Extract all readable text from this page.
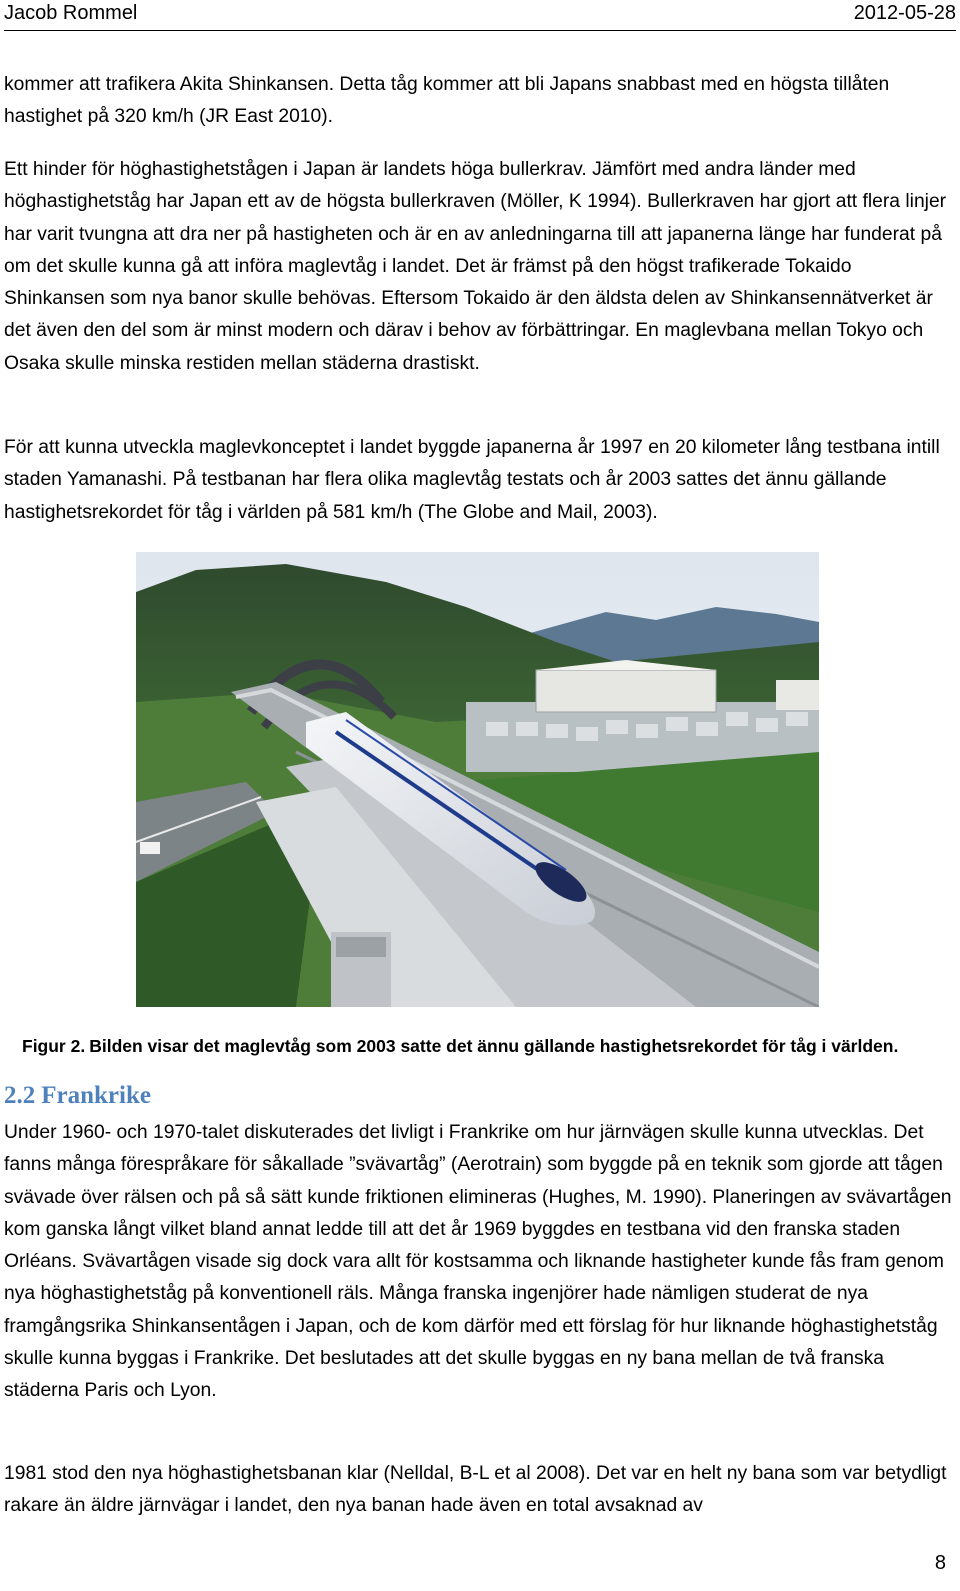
Jacob Rommel	2012-05-28

kommer att trafikera Akita Shinkansen. Detta tåg kommer att bli Japans snabbast med en högsta tillåten hastighet på 320 km/h (JR East 2010).

Ett hinder för höghastighetstågen i Japan är landets höga bullerkrav. Jämfört med andra länder med höghastighetståg har Japan ett av de högsta bullerkraven (Möller, K 1994). Bullerkraven har gjort att flera linjer har varit tvungna att dra ner på hastigheten och är en av anledningarna till att japanerna länge har funderat på om det skulle kunna gå att införa maglevtåg i landet. Det är främst på den högst trafikerade Tokaido Shinkansen som nya banor skulle behövas. Eftersom Tokaido är den äldsta delen av Shinkansennätverket är det även den del som är minst modern och därav i behov av förbättringar. En maglevbana mellan Tokyo och Osaka skulle minska restiden mellan städerna drastiskt.

För att kunna utveckla maglevkonceptet i landet byggde japanerna år 1997 en 20 kilometer lång testbana intill staden Yamanashi. På testbanan har flera olika maglevtåg testats och år 2003 sattes det ännu gällande hastighetsrekordet för tåg i världen på 581 km/h (The Globe and Mail, 2003).

Figur 2. Bilden visar det maglevtåg som 2003 satte det ännu gällande hastighetsrekordet för tåg i världen.
2.2 Frankrike

Under 1960- och 1970-talet diskuterades det livligt i Frankrike om hur järnvägen skulle kunna utvecklas. Det fanns många förespråkare för såkallade ”svävartåg” (Aerotrain) som byggde på en teknik som gjorde att tågen svävade över rälsen och på så sätt kunde friktionen elimineras (Hughes, M. 1990). Planeringen av svävartågen kom ganska långt vilket bland annat ledde till att det år 1969 byggdes en testbana vid den franska staden Orléans. Svävartågen visade sig dock vara allt för kostsamma och liknande hastigheter kunde fås fram genom nya höghastighetståg på konventionell räls. Många franska ingenjörer hade nämligen studerat de nya framgångsrika Shinkansentågen i Japan, och de kom därför med ett förslag för hur liknande höghastighetståg skulle kunna byggas i Frankrike. Det beslutades att det skulle byggas en ny bana mellan de två franska städerna Paris och Lyon.

1981 stod den nya höghastighetsbanan klar (Nelldal, B-L et al 2008). Det var en helt ny bana som var betydligt rakare än äldre järnvägar i landet, den nya banan hade även en total avsaknad av

8
